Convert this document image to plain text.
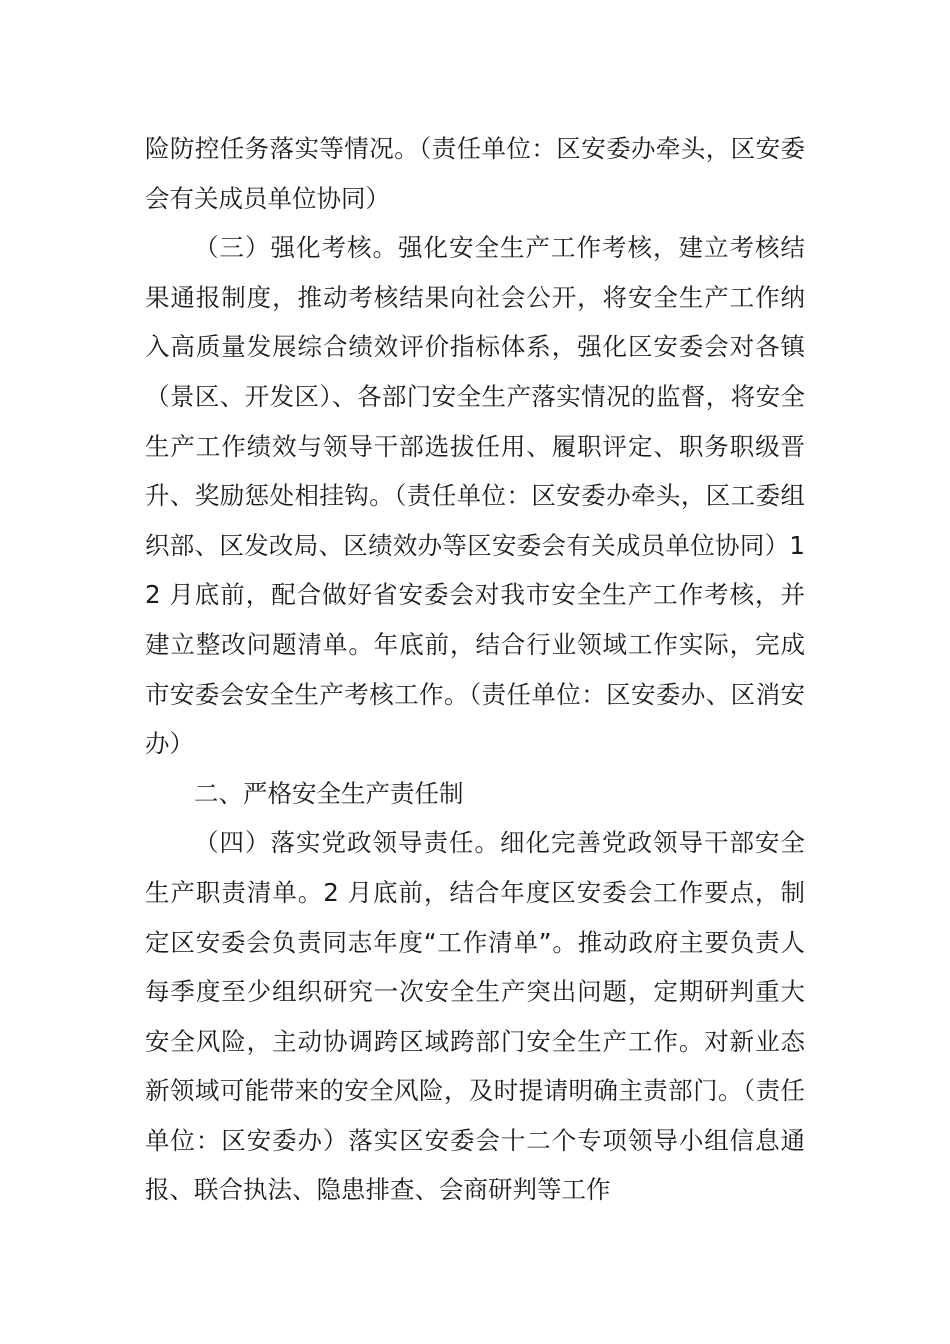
险防控任务落实等情况。（责任单位：区安委办牵头，区安委会有关成员单位协同）

（三）强化考核。强化安全生产工作考核，建立考核结果通报制度，推动考核结果向社会公开，将安全生产工作纳入高质量发展综合绩效评价指标体系，强化区安委会对各镇（景区、开发区）、各部门安全生产落实情况的监督，将安全生产工作绩效与领导干部选拔任用、履职评定、职务职级晋升、奖励惩处相挂钩。（责任单位：区安委办牵头，区工委组织部、区发改局、区绩效办等区安委会有关成员单位协同）12 月底前，配合做好省安委会对我市安全生产工作考核，并建立整改问题清单。年底前，结合行业领域工作实际，完成市安委会安全生产考核工作。（责任单位：区安委办、区消安办）

二、严格安全生产责任制

（四）落实党政领导责任。细化完善党政领导干部安全生产职责清单。2 月底前，结合年度区安委会工作要点，制定区安委会负责同志年度“工作清单”。推动政府主要负责人每季度至少组织研究一次安全生产突出问题，定期研判重大安全风险，主动协调跨区域跨部门安全生产工作。对新业态新领域可能带来的安全风险，及时提请明确主责部门。（责任单位：区安委办）落实区安委会十二个专项领导小组信息通报、联合执法、隐患排查、会商研判等工作
